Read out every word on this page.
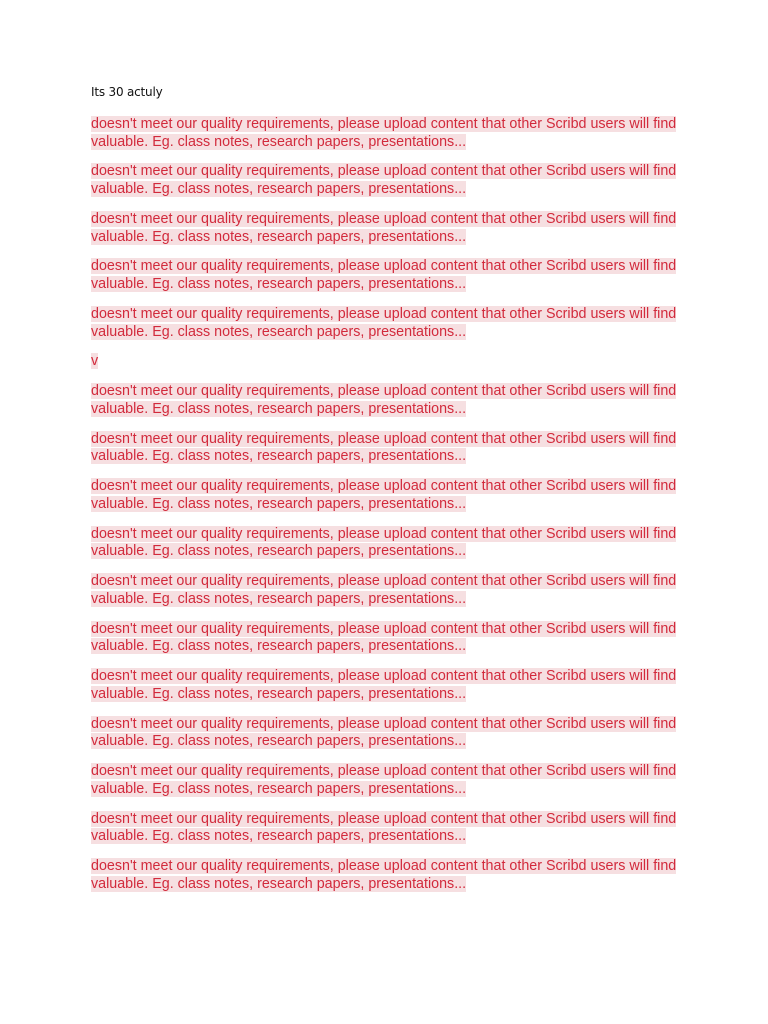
Its 30 actuly

doesn't meet our quality requirements, please upload content that other Scribd users will find valuable. Eg. class notes, research papers, presentations...

doesn't meet our quality requirements, please upload content that other Scribd users will find valuable. Eg. class notes, research papers, presentations...

doesn't meet our quality requirements, please upload content that other Scribd users will find valuable. Eg. class notes, research papers, presentations...

doesn't meet our quality requirements, please upload content that other Scribd users will find valuable. Eg. class notes, research papers, presentations...

doesn't meet our quality requirements, please upload content that other Scribd users will find valuable. Eg. class notes, research papers, presentations...

v

doesn't meet our quality requirements, please upload content that other Scribd users will find valuable. Eg. class notes, research papers, presentations...

doesn't meet our quality requirements, please upload content that other Scribd users will find valuable. Eg. class notes, research papers, presentations...

doesn't meet our quality requirements, please upload content that other Scribd users will find valuable. Eg. class notes, research papers, presentations...

doesn't meet our quality requirements, please upload content that other Scribd users will find valuable. Eg. class notes, research papers, presentations...

doesn't meet our quality requirements, please upload content that other Scribd users will find valuable. Eg. class notes, research papers, presentations...

doesn't meet our quality requirements, please upload content that other Scribd users will find valuable. Eg. class notes, research papers, presentations...

doesn't meet our quality requirements, please upload content that other Scribd users will find valuable. Eg. class notes, research papers, presentations...

doesn't meet our quality requirements, please upload content that other Scribd users will find valuable. Eg. class notes, research papers, presentations...

doesn't meet our quality requirements, please upload content that other Scribd users will find valuable. Eg. class notes, research papers, presentations...

doesn't meet our quality requirements, please upload content that other Scribd users will find valuable. Eg. class notes, research papers, presentations...

doesn't meet our quality requirements, please upload content that other Scribd users will find valuable. Eg. class notes, research papers, presentations...
